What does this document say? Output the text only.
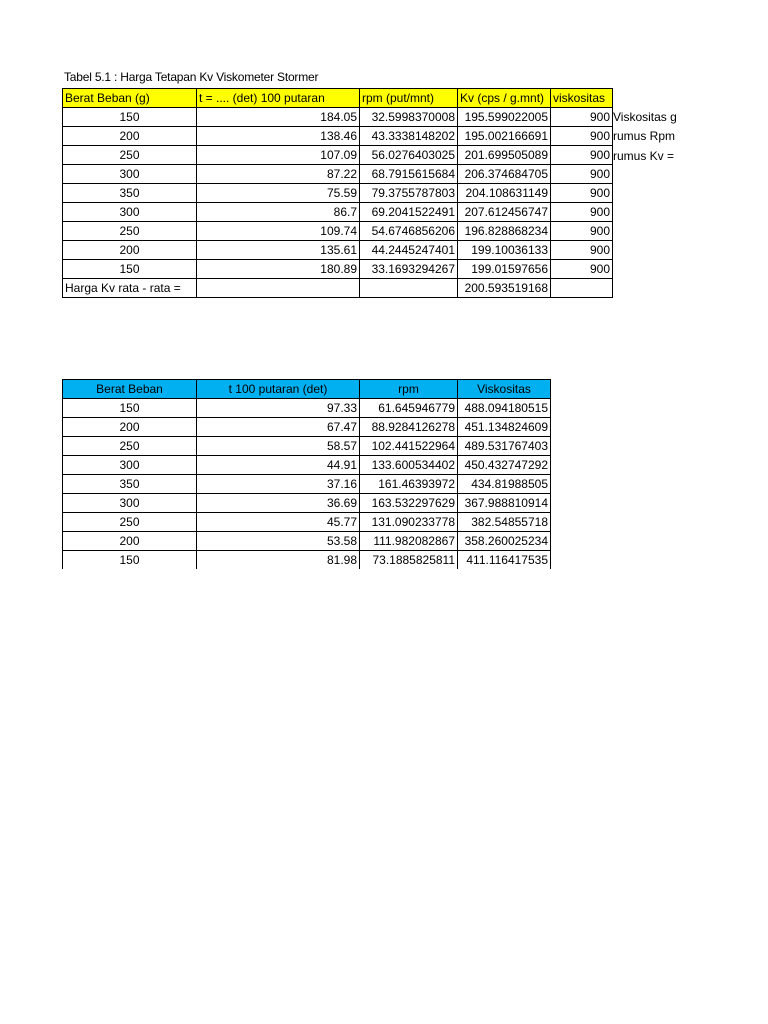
Tabel 5.1 : Harga Tetapan Kv Viskometer Stormer
Berat Beban (g)	t = .... (det) 100 putaran	rpm (put/mnt)	Kv (cps / g.mnt)	viskositas
150	184.05	32.5998370008	195.599022005	900
200	138.46	43.3338148202	195.002166691	900
250	107.09	56.0276403025	201.699505089	900
300	87.22	68.7915615684	206.374684705	900
350	75.59	79.3755787803	204.108631149	900
300	86.7	69.2041522491	207.612456747	900
250	109.74	54.6746856206	196.828868234	900
200	135.61	44.2445247401	199.10036133	900
150	180.89	33.1693294267	199.01597656	900
Harga Kv rata - rata =			200.593519168	
Viskositas g
rumus Rpm
rumus Kv =
Berat Beban	t 100 putaran (det)	rpm	Viskositas
150	97.33	61.645946779	488.094180515
200	67.47	88.9284126278	451.134824609
250	58.57	102.441522964	489.531767403
300	44.91	133.600534402	450.432747292
350	37.16	161.46393972	434.81988505
300	36.69	163.532297629	367.988810914
250	45.77	131.090233778	382.54855718
200	53.58	111.982082867	358.260025234
150	81.98	73.1885825811	411.116417535
